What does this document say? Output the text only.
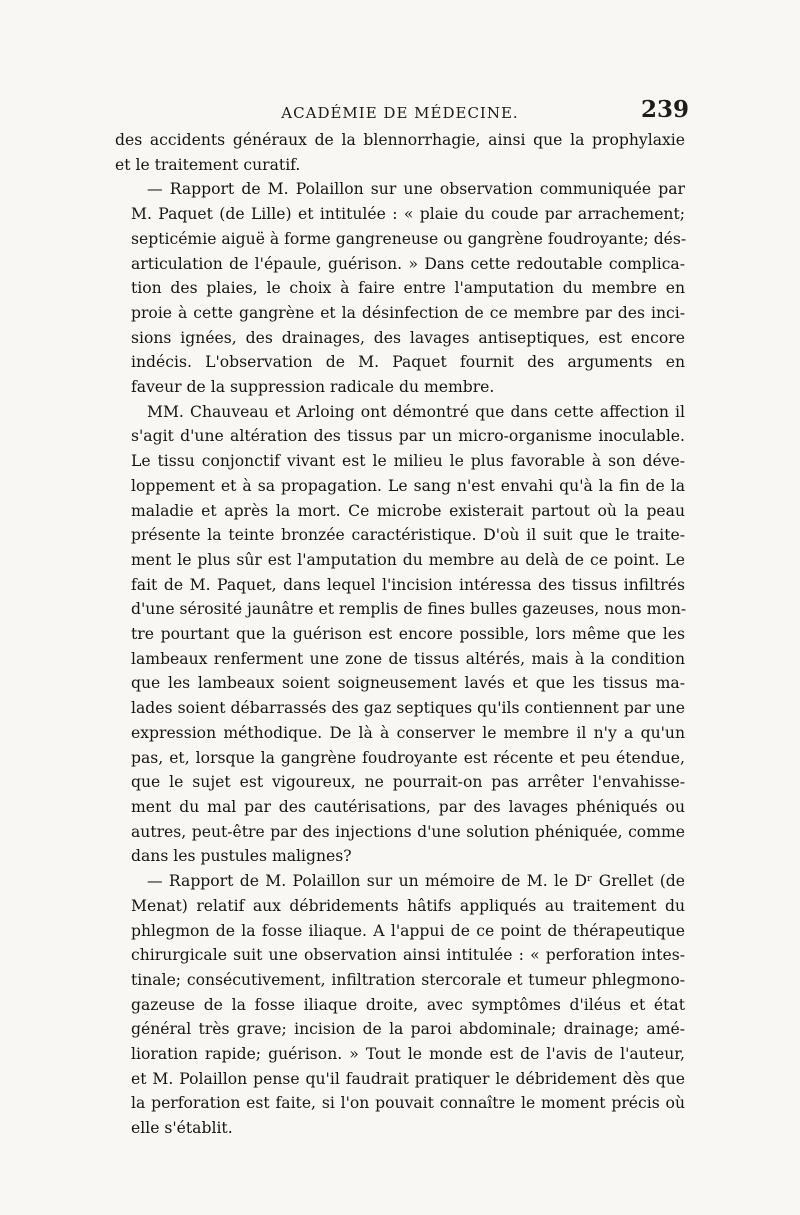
ACADÉMIE DE MÉDECINE.	239
des accidents généraux de la blennorrhagie, ainsi que la prophylaxie
et le traitement curatif.
— Rapport de M. Polaillon sur une observation communiquée par
M. Paquet (de Lille) et intitulée : « plaie du coude par arrachement;
septicémie aiguë à forme gangreneuse ou gangrène foudroyante; dés-
articulation de l'épaule, guérison. » Dans cette redoutable complica-
tion des plaies, le choix à faire entre l'amputation du membre en
proie à cette gangrène et la désinfection de ce membre par des inci-
sions ignées, des drainages, des lavages antiseptiques, est encore
indécis. L'observation de M. Paquet fournit des arguments en
faveur de la suppression radicale du membre.
MM. Chauveau et Arloing ont démontré que dans cette affection il
s'agit d'une altération des tissus par un micro-organisme inoculable.
Le tissu conjonctif vivant est le milieu le plus favorable à son déve-
loppement et à sa propagation. Le sang n'est envahi qu'à la fin de la
maladie et après la mort. Ce microbe existerait partout où la peau
présente la teinte bronzée caractéristique. D'où il suit que le traite-
ment le plus sûr est l'amputation du membre au delà de ce point. Le
fait de M. Paquet, dans lequel l'incision intéressa des tissus infiltrés
d'une sérosité jaunâtre et remplis de fines bulles gazeuses, nous mon-
tre pourtant que la guérison est encore possible, lors même que les
lambeaux renferment une zone de tissus altérés, mais à la condition
que les lambeaux soient soigneusement lavés et que les tissus ma-
lades soient débarrassés des gaz septiques qu'ils contiennent par une
expression méthodique. De là à conserver le membre il n'y a qu'un
pas, et, lorsque la gangrène foudroyante est récente et peu étendue,
que le sujet est vigoureux, ne pourrait-on pas arrêter l'envahisse-
ment du mal par des cautérisations, par des lavages phéniqués ou
autres, peut-être par des injections d'une solution phéniquée, comme
dans les pustules malignes?
— Rapport de M. Polaillon sur un mémoire de M. le Dʳ Grellet (de
Menat) relatif aux débridements hâtifs appliqués au traitement du
phlegmon de la fosse iliaque. A l'appui de ce point de thérapeutique
chirurgicale suit une observation ainsi intitulée : « perforation intes-
tinale; consécutivement, infiltration stercorale et tumeur phlegmono-
gazeuse de la fosse iliaque droite, avec symptômes d'iléus et état
général très grave; incision de la paroi abdominale; drainage; amé-
lioration rapide; guérison. » Tout le monde est de l'avis de l'auteur,
et M. Polaillon pense qu'il faudrait pratiquer le débridement dès que
la perforation est faite, si l'on pouvait connaître le moment précis où
elle s'établit.
